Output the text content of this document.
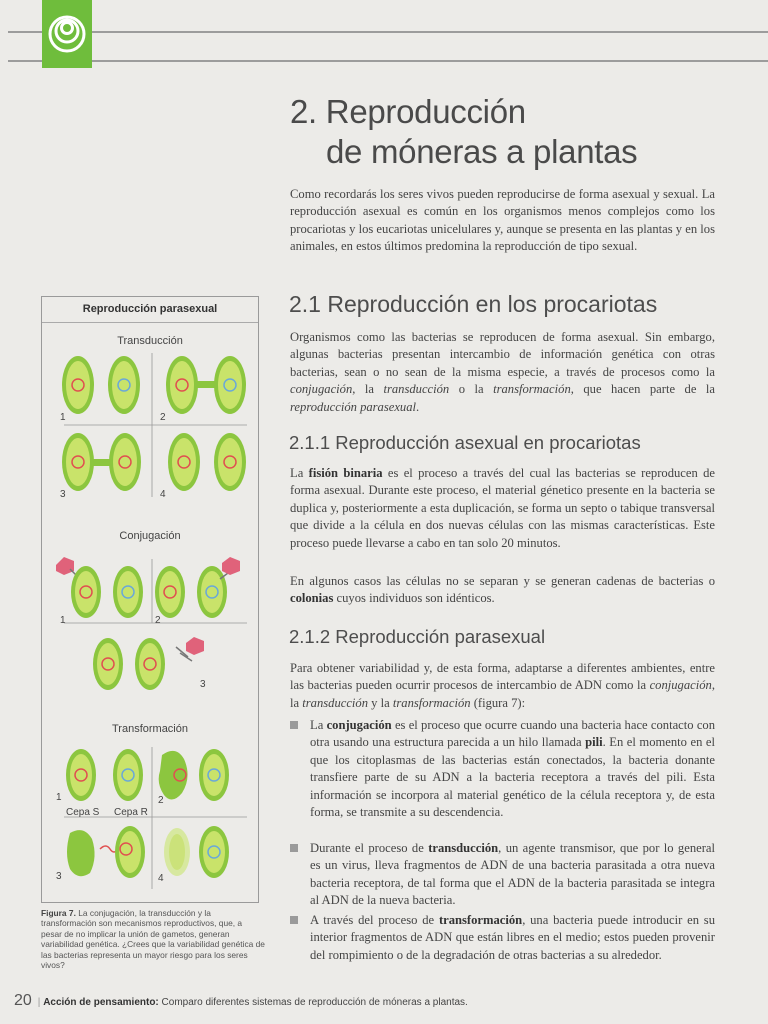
2. Reproducción
de móneras a plantas
Como recordarás los seres vivos pueden reproducirse de forma asexual y sexual. La reproducción asexual es común en los organismos menos complejos como los procariotas y los eucariotas unicelulares y, aunque se presenta en las plantas y en los animales, en estos últimos predomina la reproducción de tipo sexual.
2.1 Reproducción en los procariotas
Organismos como las bacterias se reproducen de forma asexual. Sin embargo, algunas bacterias presentan intercambio de información genética con otras bacterias, sean o no sean de la misma especie, a través de procesos como la conjugación, la transducción o la transformación, que hacen parte de la reproducción parasexual.
2.1.1 Reproducción asexual en procariotas
La fisión binaria es el proceso a través del cual las bacterias se reproducen de forma asexual. Durante este proceso, el material génetico presente en la bacteria se duplica y, posteriormente a esta duplicación, se forma un septo o tabique transversal que divide a la célula en dos nuevas células con las mismas características. Este proceso puede llevarse a cabo en tan solo 20 minutos.
En algunos casos las células no se separan y se generan cadenas de bacterias o colonias cuyos individuos son idénticos.
2.1.2 Reproducción parasexual
Para obtener variabilidad y, de esta forma, adaptarse a diferentes ambientes, entre las bacterias pueden ocurrir procesos de intercambio de ADN como la conjugación, la transducción y la transformación (figura 7):
La conjugación es el proceso que ocurre cuando una bacteria hace contacto con otra usando una estructura parecida a un hilo llamada pili. En el momento en el que los citoplasmas de las bacterias están conectados, la bacteria donante transfiere parte de su ADN a la bacteria receptora a través del pili. Esta información se incorpora al material genético de la célula receptora y, de esta forma, se transmite a su descendencia.
Durante el proceso de transducción, un agente transmisor, que por lo general es un virus, lleva fragmentos de ADN de una bacteria parasitada a otra nueva bacteria receptora, de tal forma que el ADN de la bacteria parasitada se integra al ADN de la nueva bacteria.
A través del proceso de transformación, una bacteria puede introducir en su interior fragmentos de ADN que están libres en el medio; estos pueden provenir del rompimiento o de la degradación de otras bacterias a su alrededor.
Reproducción parasexual
Transducción
Conjugación
Transformación
1	2
3	4
1	2
3
1
Cepa S Cepa R
2
3	4
Figura 7. La conjugación, la transducción y la transformación son mecanismos reproductivos, que, a pesar de no implicar la unión de gametos, generan variabilidad genética. ¿Crees que la variabilidad genética de las bacterias representa un mayor riesgo para los seres vivos?
20 | Acción de pensamiento: Comparo diferentes sistemas de reproducción de móneras a plantas.
